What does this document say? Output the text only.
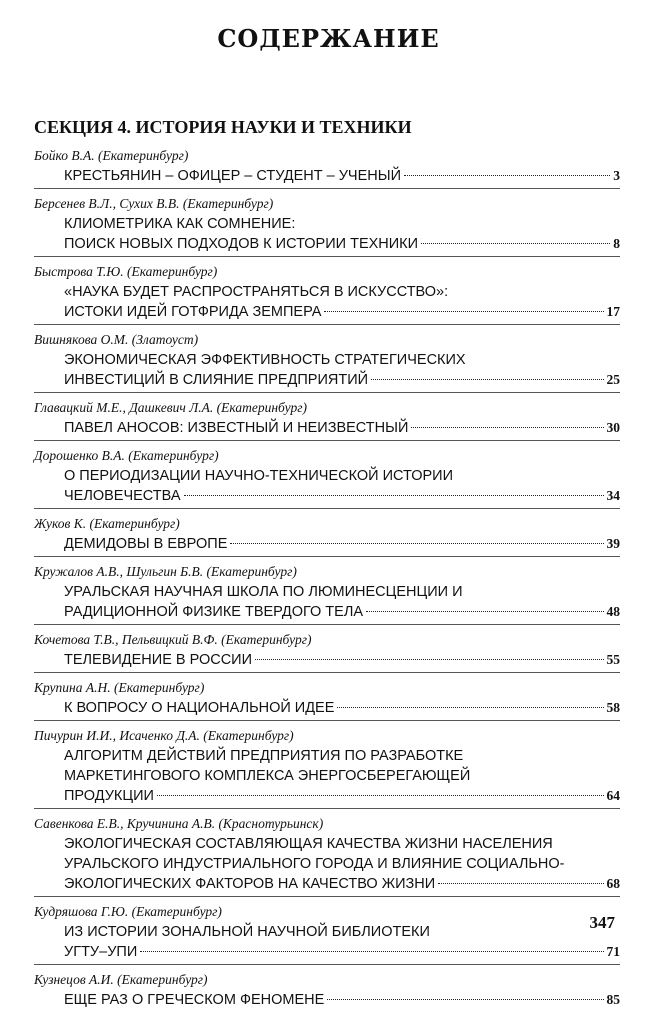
СОДЕРЖАНИЕ
СЕКЦИЯ 4. ИСТОРИЯ НАУКИ И ТЕХНИКИ
Бойко В.А. (Екатеринбург)
КРЕСТЬЯНИН – ОФИЦЕР – СТУДЕНТ – УЧЕНЫЙ	3
Берсенев В.Л., Сухих В.В. (Екатеринбург)
КЛИОМЕТРИКА КАК СОМНЕНИЕ:
ПОИСК НОВЫХ ПОДХОДОВ К ИСТОРИИ ТЕХНИКИ	8
Быстрова Т.Ю. (Екатеринбург)
«НАУКА БУДЕТ РАСПРОСТРАНЯТЬСЯ В ИСКУССТВО»:
ИСТОКИ ИДЕЙ ГОТФРИДА ЗЕМПЕРА	17
Вишнякова О.М. (Златоуст)
ЭКОНОМИЧЕСКАЯ ЭФФЕКТИВНОСТЬ СТРАТЕГИЧЕСКИХ
ИНВЕСТИЦИЙ В СЛИЯНИЕ ПРЕДПРИЯТИЙ	25
Главацкий М.Е., Дашкевич Л.А. (Екатеринбург)
ПАВЕЛ АНОСОВ: ИЗВЕСТНЫЙ И НЕИЗВЕСТНЫЙ	30
Дорошенко В.А. (Екатеринбург)
О ПЕРИОДИЗАЦИИ НАУЧНО-ТЕХНИЧЕСКОЙ ИСТОРИИ
ЧЕЛОВЕЧЕСТВА	34
Жуков К. (Екатеринбург)
ДЕМИДОВЫ В ЕВРОПЕ	39
Кружалов А.В., Шульгин Б.В. (Екатеринбург)
УРАЛЬСКАЯ НАУЧНАЯ ШКОЛА ПО ЛЮМИНЕСЦЕНЦИИ И
РАДИЦИОННОЙ ФИЗИКЕ ТВЕРДОГО ТЕЛА	48
Кочетова Т.В., Пельвицкий В.Ф. (Екатеринбург)
ТЕЛЕВИДЕНИЕ В РОССИИ	55
Крупина А.Н. (Екатеринбург)
К ВОПРОСУ О НАЦИОНАЛЬНОЙ ИДЕЕ	58
Пичурин И.И., Исаченко Д.А. (Екатеринбург)
АЛГОРИТМ ДЕЙСТВИЙ ПРЕДПРИЯТИЯ ПО РАЗРАБОТКЕ
МАРКЕТИНГОВОГО КОМПЛЕКСА ЭНЕРГОСБЕРЕГАЮЩЕЙ
ПРОДУКЦИИ	64
Савенкова Е.В., Кручинина А.В. (Краснотурьинск)
ЭКОЛОГИЧЕСКАЯ СОСТАВЛЯЮЩАЯ КАЧЕСТВА ЖИЗНИ НАСЕЛЕНИЯ
УРАЛЬСКОГО ИНДУСТРИАЛЬНОГО ГОРОДА И ВЛИЯНИЕ СОЦИАЛЬНО-
ЭКОЛОГИЧЕСКИХ ФАКТОРОВ НА КАЧЕСТВО ЖИЗНИ	68
Кудряшова Г.Ю. (Екатеринбург)
ИЗ ИСТОРИИ ЗОНАЛЬНОЙ НАУЧНОЙ БИБЛИОТЕКИ
УГТУ–УПИ	71
Кузнецов А.И. (Екатеринбург)
ЕЩЕ РАЗ О ГРЕЧЕСКОМ ФЕНОМЕНЕ	85
347
